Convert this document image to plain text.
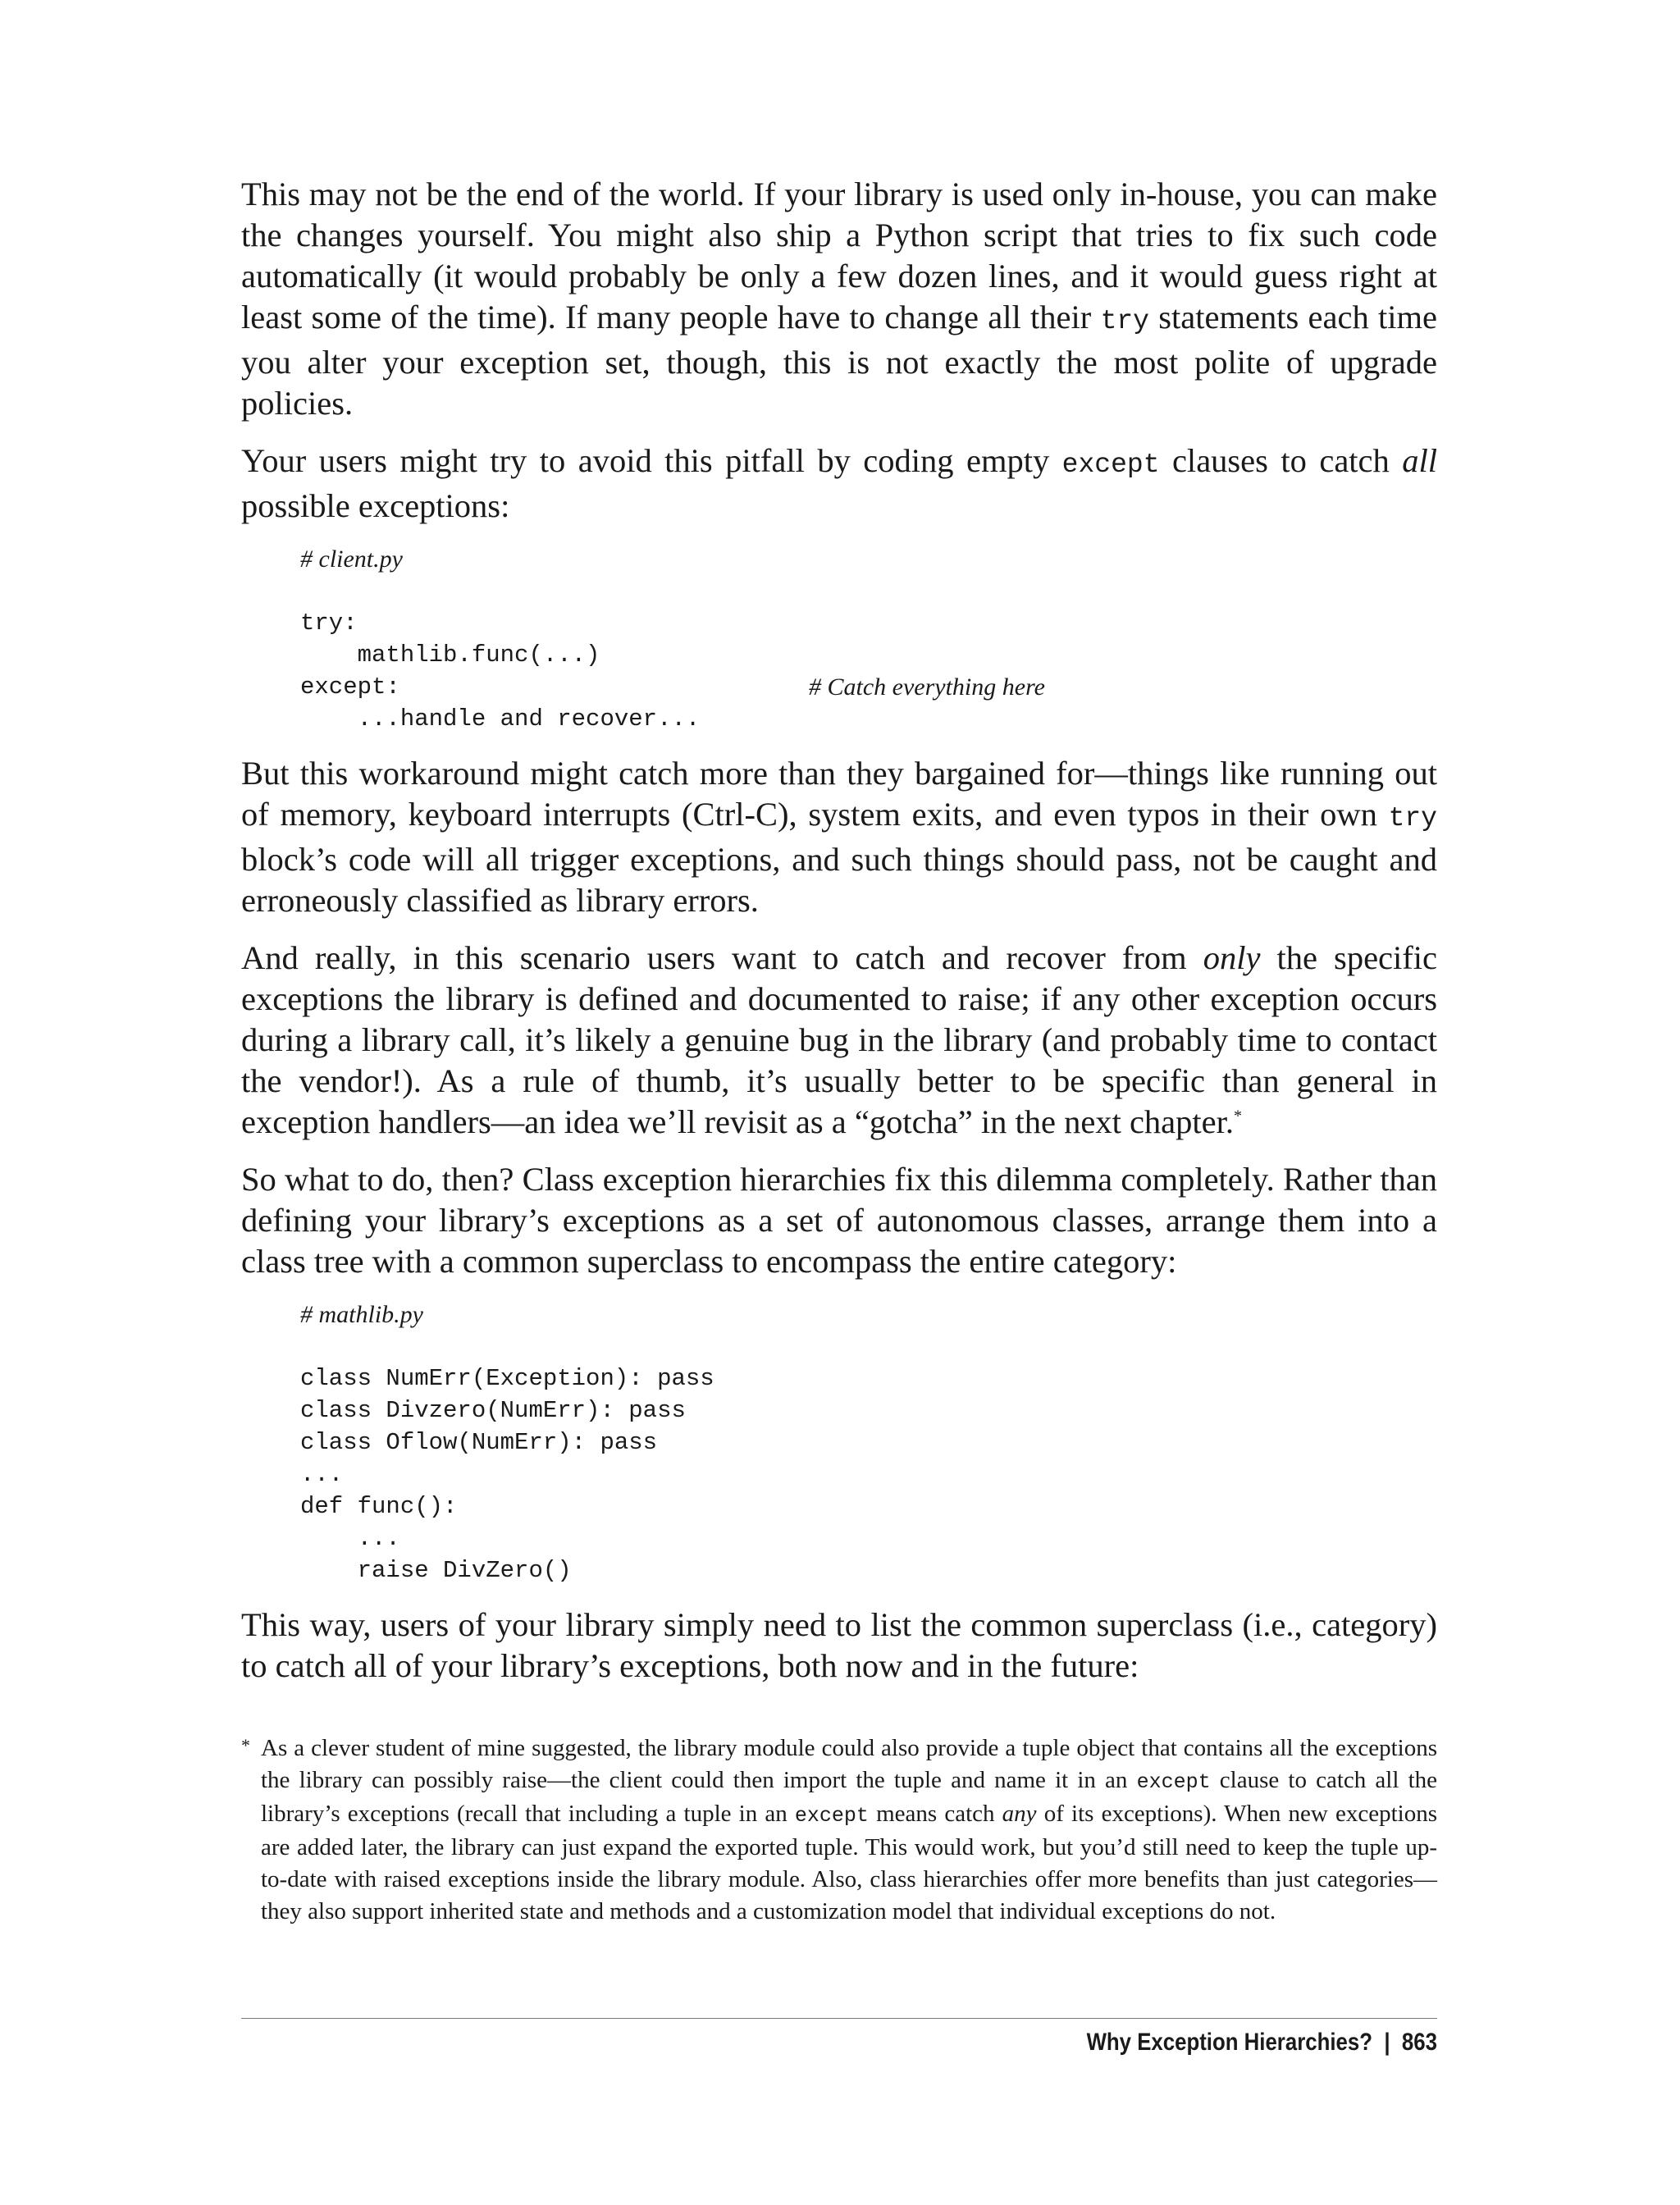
This may not be the end of the world. If your library is used only in-house, you can make the changes yourself. You might also ship a Python script that tries to fix such code automatically (it would probably be only a few dozen lines, and it would guess right at least some of the time). If many people have to change all their try statements each time you alter your exception set, though, this is not exactly the most polite of upgrade policies.

Your users might try to avoid this pitfall by coding empty except clauses to catch all possible exceptions:

# client.py
try:
mathlib.func(...)
except:	# Catch everything here
...handle and recover...

But this workaround might catch more than they bargained for—things like running out of memory, keyboard interrupts (Ctrl-C), system exits, and even typos in their own try block’s code will all trigger exceptions, and such things should pass, not be caught and erroneously classified as library errors.

And really, in this scenario users want to catch and recover from only the specific exceptions the library is defined and documented to raise; if any other exception occurs during a library call, it’s likely a genuine bug in the library (and probably time to contact the vendor!). As a rule of thumb, it’s usually better to be specific than general in exception handlers—an idea we’ll revisit as a “gotcha” in the next chapter.*

So what to do, then? Class exception hierarchies fix this dilemma completely. Rather than defining your library’s exceptions as a set of autonomous classes, arrange them into a class tree with a common superclass to encompass the entire category:

# mathlib.py
class NumErr(Exception): pass
class Divzero(NumErr): pass
class Oflow(NumErr): pass
...
def func():
...
raise DivZero()

This way, users of your library simply need to list the common superclass (i.e., category) to catch all of your library’s exceptions, both now and in the future:

* As a clever student of mine suggested, the library module could also provide a tuple object that contains all the exceptions the library can possibly raise—the client could then import the tuple and name it in an except clause to catch all the library’s exceptions (recall that including a tuple in an except means catch any of its exceptions). When new exceptions are added later, the library can just expand the exported tuple. This would work, but you’d still need to keep the tuple up-to-date with raised exceptions inside the library module. Also, class hierarchies offer more benefits than just categories—they also support inherited state and methods and a customization model that individual exceptions do not.
Why Exception Hierarchies? | 863
